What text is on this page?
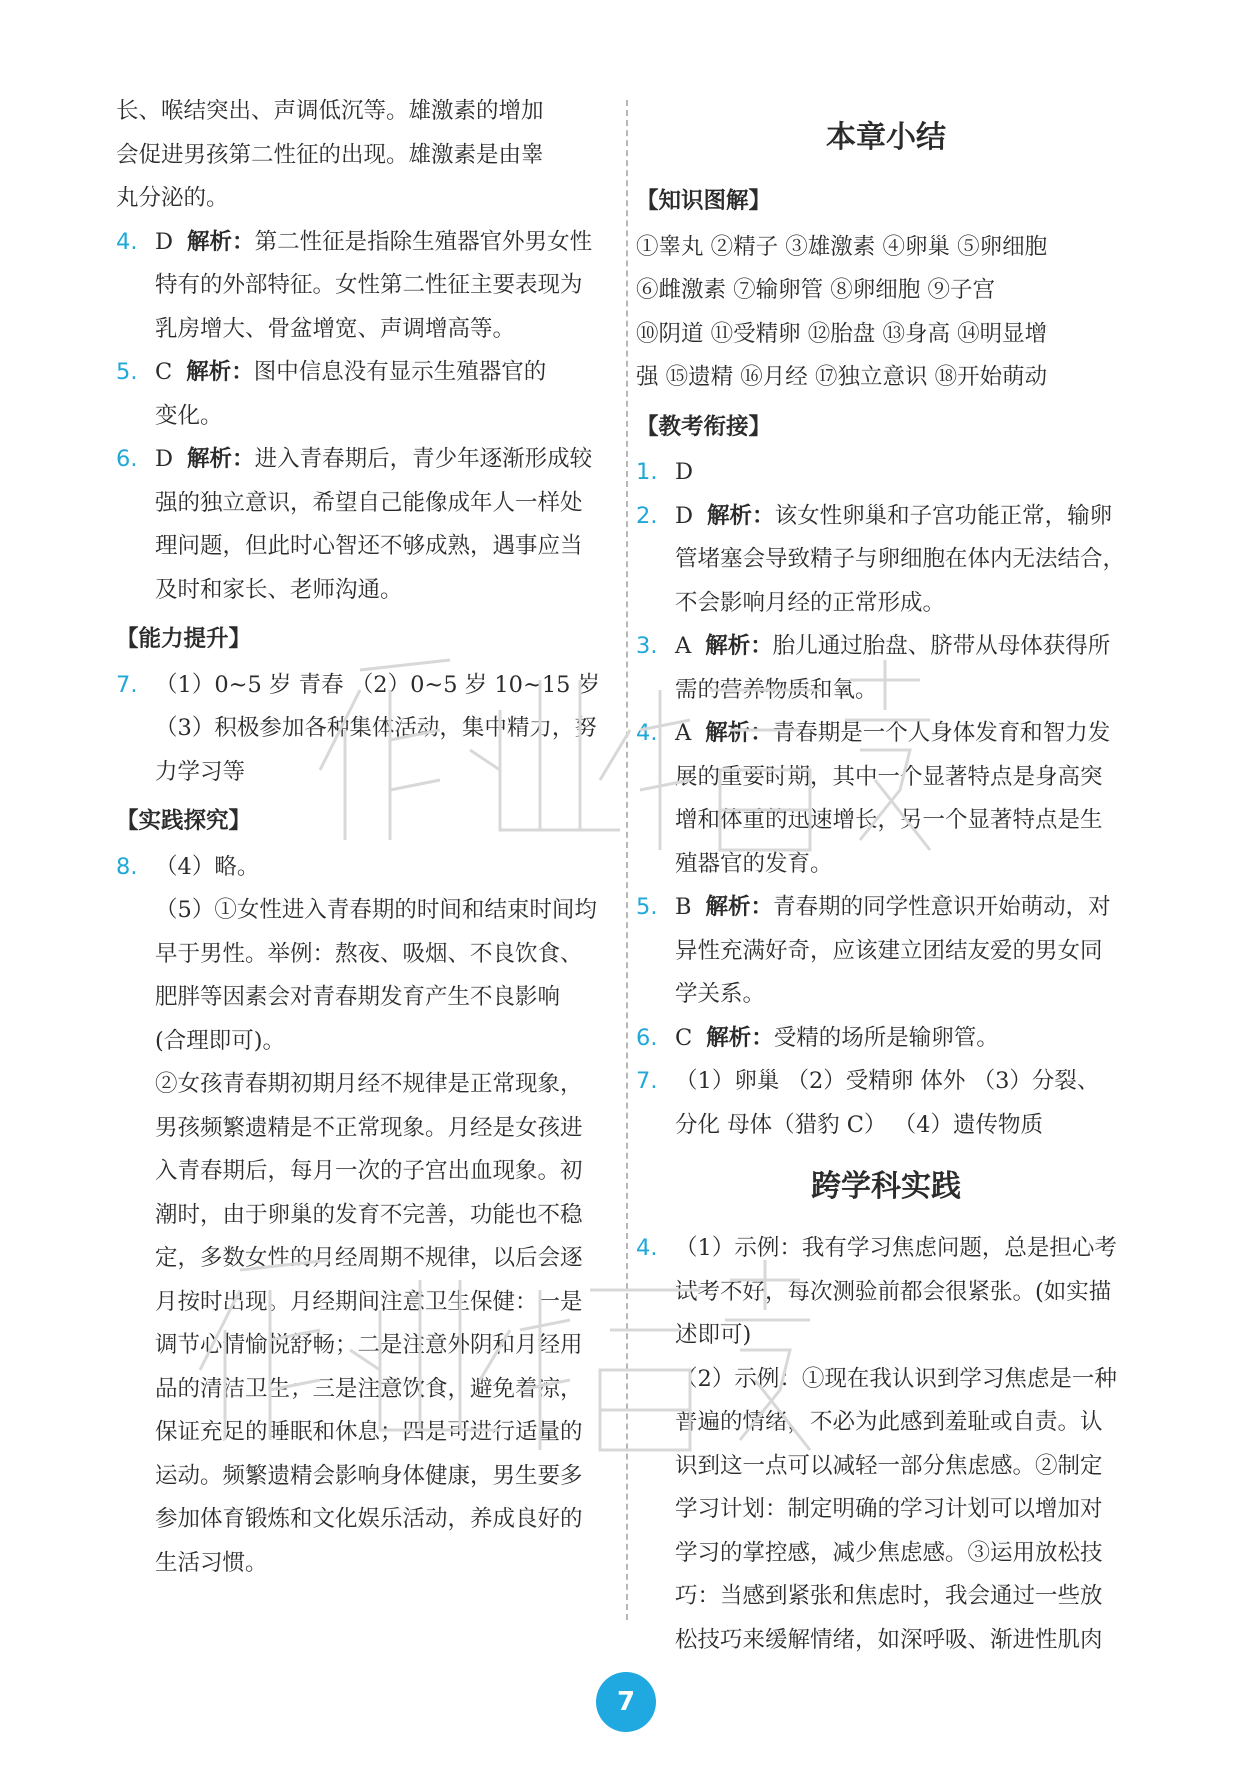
长、喉结突出、声调低沉等。雄激素的增加

会促进男孩第二性征的出现。雄激素是由睾

丸分泌的。

4. D 解析：第二性征是指除生殖器官外男女性

特有的外部特征。女性第二性征主要表现为

乳房增大、骨盆增宽、声调增高等。

5. C 解析：图中信息没有显示生殖器官的

变化。

6. D 解析：进入青春期后，青少年逐渐形成较

强的独立意识，希望自己能像成年人一样处

理问题，但此时心智还不够成熟，遇事应当

及时和家长、老师沟通。

【能力提升】

7. （1）0~5 岁 青春 （2）0~5 岁 10~15 岁

（3）积极参加各种集体活动，集中精力，努

力学习等

【实践探究】

8. （4）略。

（5）①女性进入青春期的时间和结束时间均

早于男性。举例：熬夜、吸烟、不良饮食、

肥胖等因素会对青春期发育产生不良影响

(合理即可)。

②女孩青春期初期月经不规律是正常现象，

男孩频繁遗精是不正常现象。月经是女孩进

入青春期后，每月一次的子宫出血现象。初

潮时，由于卵巢的发育不完善，功能也不稳

定，多数女性的月经周期不规律，以后会逐

月按时出现。月经期间注意卫生保健：一是

调节心情愉悦舒畅；二是注意外阴和月经用

品的清洁卫生；三是注意饮食，避免着凉，

保证充足的睡眠和休息；四是可进行适量的

运动。频繁遗精会影响身体健康，男生要多

参加体育锻炼和文化娱乐活动，养成良好的

生活习惯。

本章小结

【知识图解】

①睾丸 ②精子 ③雄激素 ④卵巢 ⑤卵细胞

⑥雌激素 ⑦输卵管 ⑧卵细胞 ⑨子宫

⑩阴道 ⑪受精卵 ⑫胎盘 ⑬身高 ⑭明显增

强 ⑮遗精 ⑯月经 ⑰独立意识 ⑱开始萌动

【教考衔接】

1. D

2. D 解析：该女性卵巢和子宫功能正常，输卵

管堵塞会导致精子与卵细胞在体内无法结合，

不会影响月经的正常形成。

3. A 解析：胎儿通过胎盘、脐带从母体获得所

需的营养物质和氧。

4. A 解析：青春期是一个人身体发育和智力发

展的重要时期，其中一个显著特点是身高突

增和体重的迅速增长，另一个显著特点是生

殖器官的发育。

5. B 解析：青春期的同学性意识开始萌动，对

异性充满好奇，应该建立团结友爱的男女同

学关系。

6. C 解析：受精的场所是输卵管。

7. （1）卵巢 （2）受精卵 体外 （3）分裂、

分化 母体（猎豹 C） （4）遗传物质

跨学科实践
4. （1）示例：我有学习焦虑问题，总是担心考

试考不好，每次测验前都会很紧张。(如实描

述即可)

（2）示例：①现在我认识到学习焦虑是一种

普遍的情绪，不必为此感到羞耻或自责。认

识到这一点可以减轻一部分焦虑感。②制定

学习计划：制定明确的学习计划可以增加对

学习的掌控感，减少焦虑感。③运用放松技

巧：当感到紧张和焦虑时，我会通过一些放

松技巧来缓解情绪，如深呼吸、渐进性肌肉

7
